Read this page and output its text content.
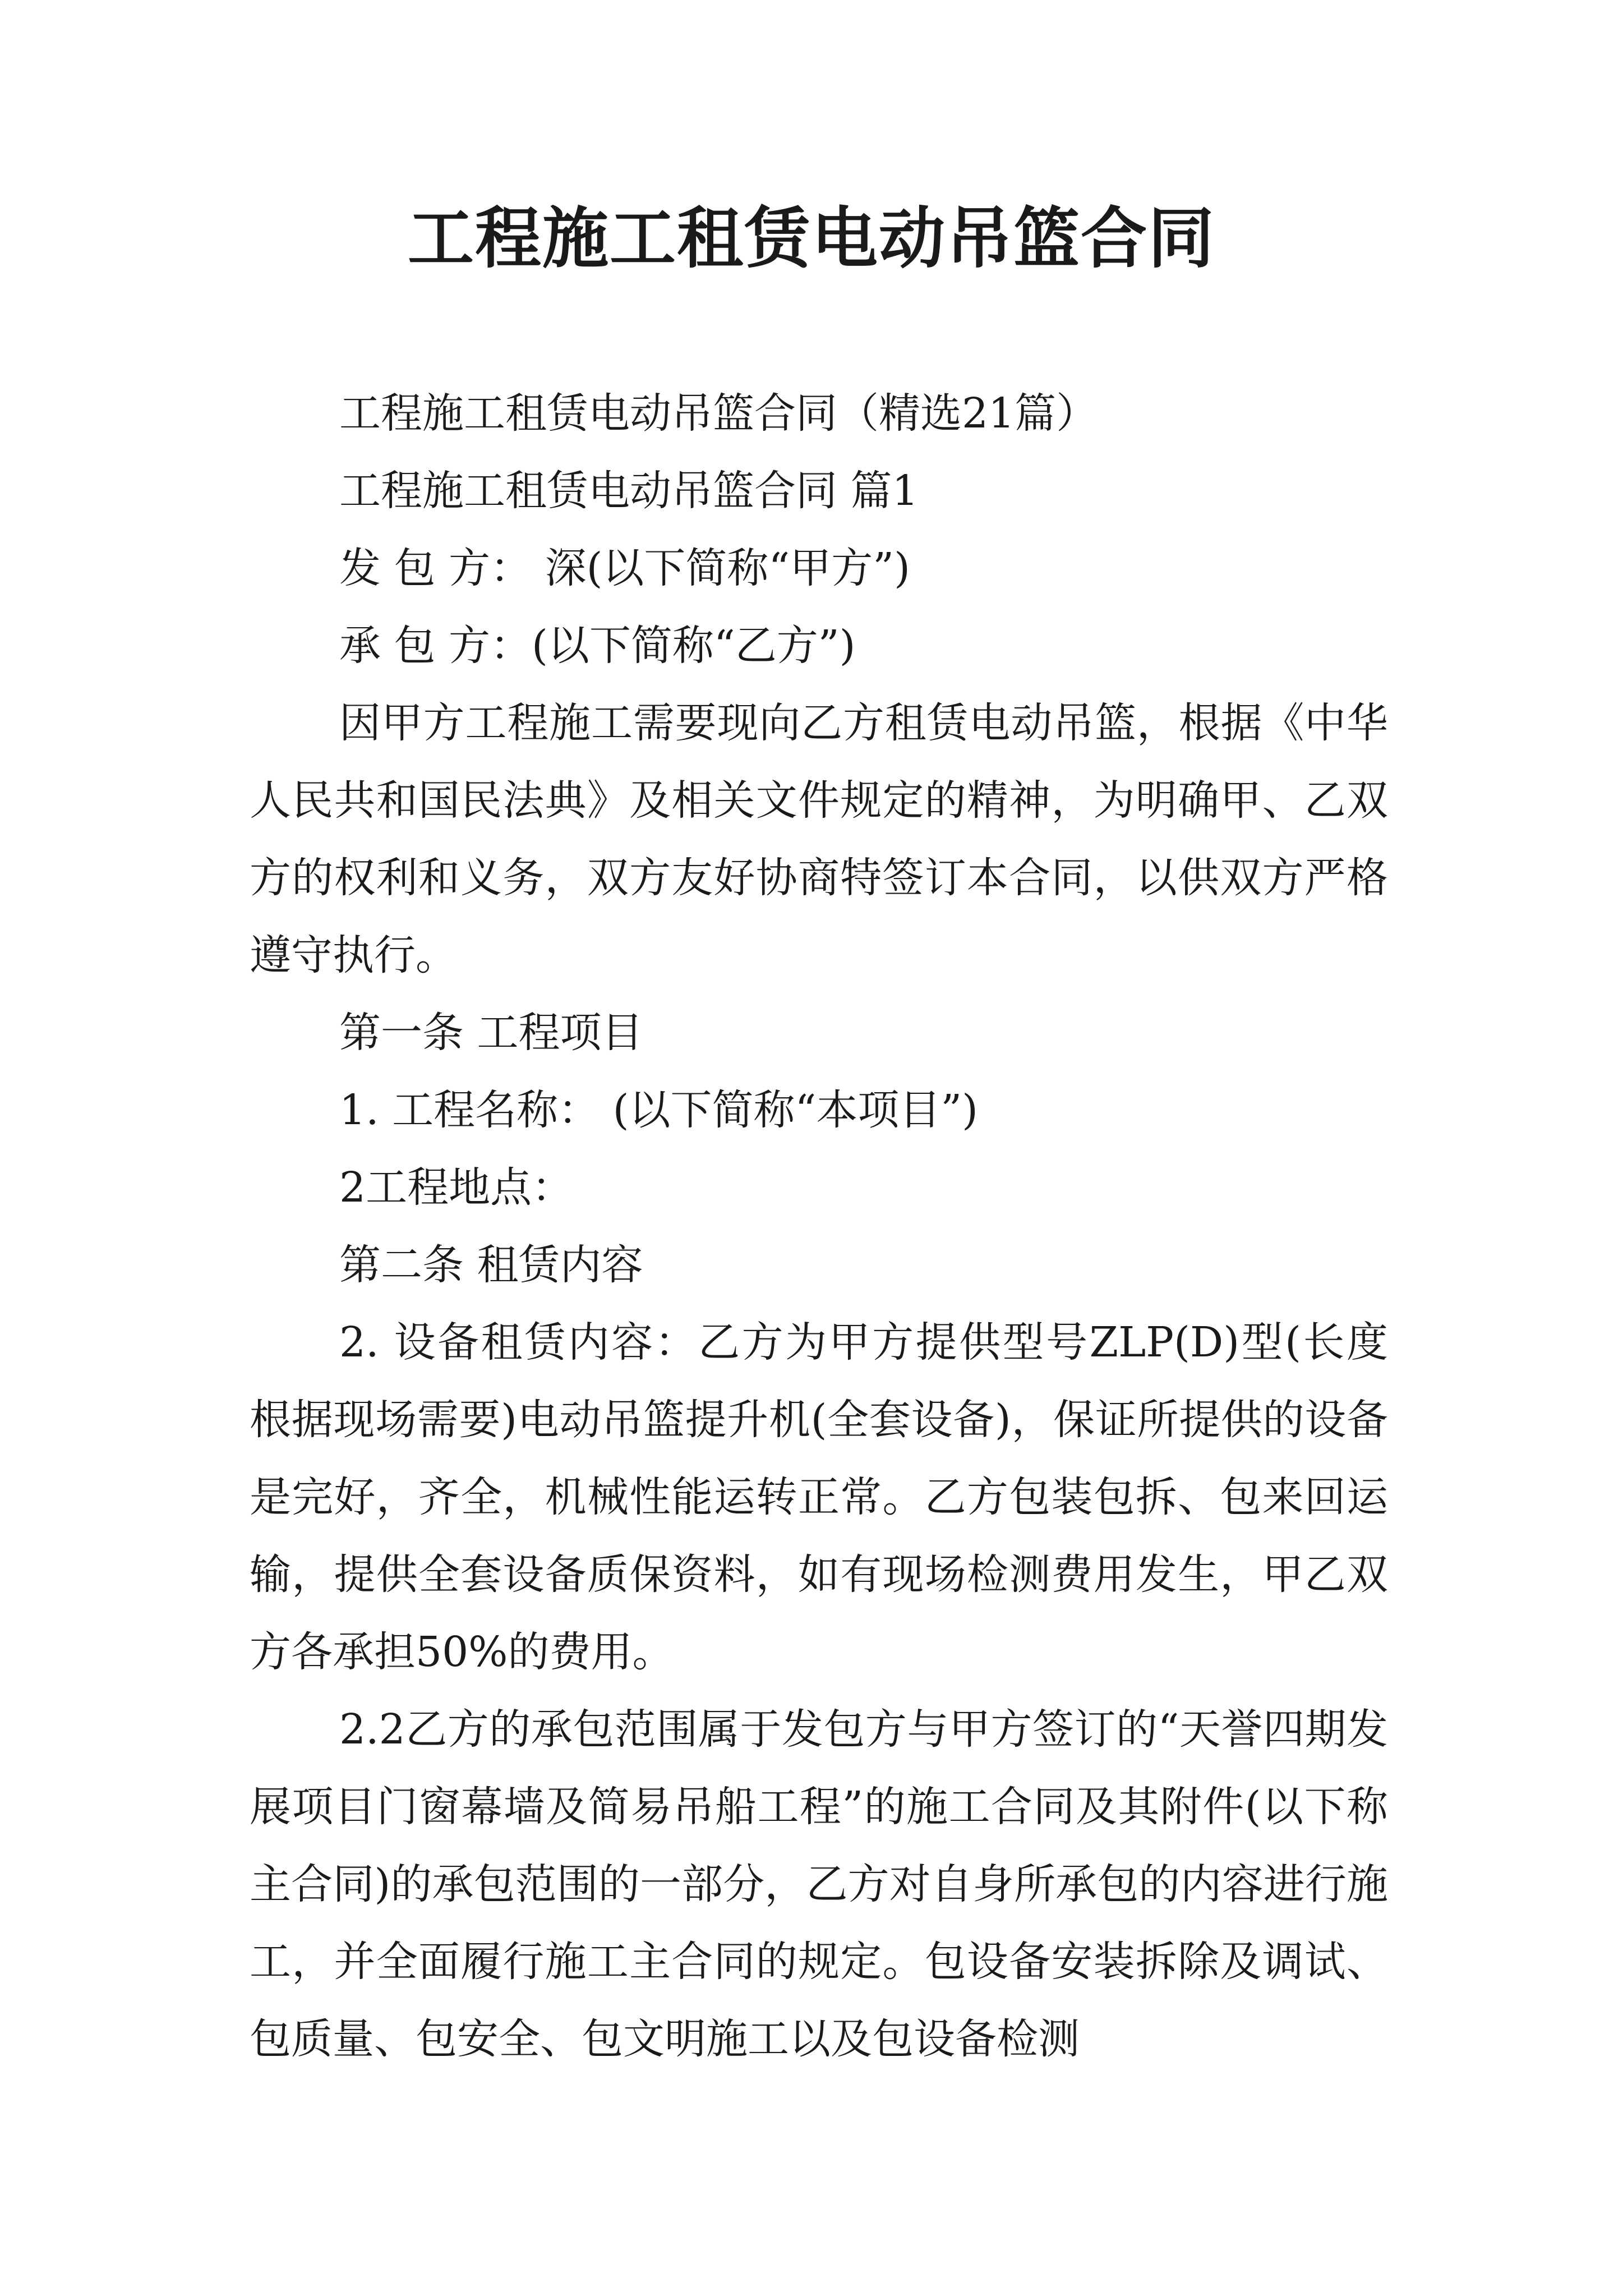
工程施工租赁电动吊篮合同

工程施工租赁电动吊篮合同（精选21篇）

工程施工租赁电动吊篮合同 篇1

发 包 方： 深(以下简称“甲方”)

承 包 方：(以下简称“乙方”)

因甲方工程施工需要现向乙方租赁电动吊篮，根据《中华人民共和国民法典》及相关文件规定的精神，为明确甲、乙双方的权利和义务，双方友好协商特签订本合同，以供双方严格遵守执行。

第一条 工程项目

1. 工程名称： (以下简称“本项目”)

2工程地点：

第二条 租赁内容

2. 设备租赁内容：乙方为甲方提供型号ZLP(D)型(长度根据现场需要)电动吊篮提升机(全套设备)，保证所提供的设备是完好，齐全，机械性能运转正常。乙方包装包拆、包来回运输，提供全套设备质保资料，如有现场检测费用发生，甲乙双方各承担50%的费用。

2.2乙方的承包范围属于发包方与甲方签订的“天誉四期发展项目门窗幕墙及简易吊船工程”的施工合同及其附件(以下称主合同)的承包范围的一部分，乙方对自身所承包的内容进行施工，并全面履行施工主合同的规定。包设备安装拆除及调试、包质量、包安全、包文明施工以及包设备检测
